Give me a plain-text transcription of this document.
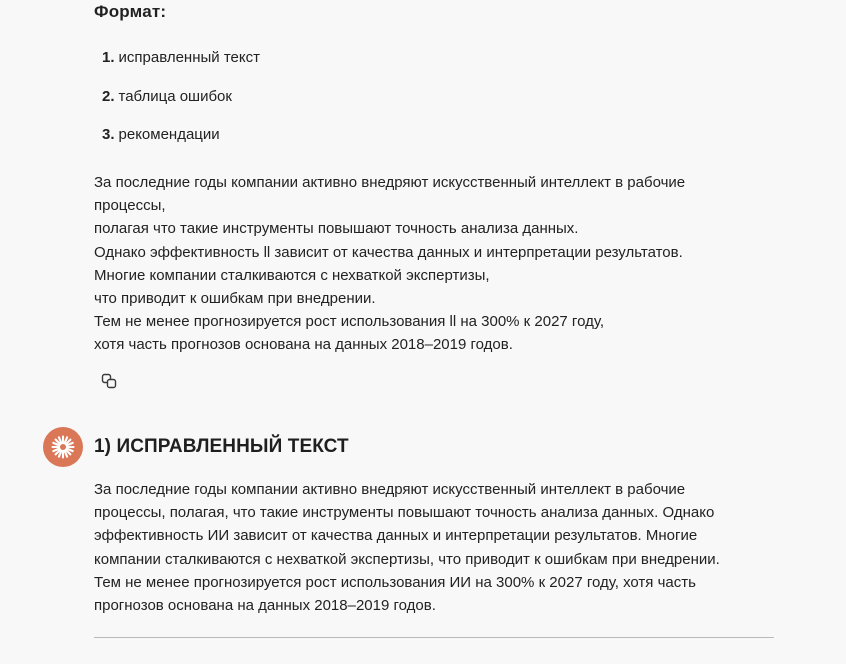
Формат:
1. исправленный текст
2. таблица ошибок
3. рекомендации
За последние годы компании активно внедряют искусственный интеллект в рабочие
процессы,
полагая что такие инструменты повышают точность анализа данных.
Однако эффективность ll зависит от качества данных и интерпретации результатов.
Многие компании сталкиваются с нехваткой экспертизы,
что приводит к ошибкам при внедрении.
Тем не менее прогнозируется рост использования ll на 300% к 2027 году,
хотя часть прогнозов основана на данных 2018–2019 годов.
1) ИСПРАВЛЕННЫЙ ТЕКСТ
За последние годы компании активно внедряют искусственный интеллект в рабочие
процессы, полагая, что такие инструменты повышают точность анализа данных. Однако
эффективность ИИ зависит от качества данных и интерпретации результатов. Многие
компании сталкиваются с нехваткой экспертизы, что приводит к ошибкам при внедрении.
Тем не менее прогнозируется рост использования ИИ на 300% к 2027 году, хотя часть
прогнозов основана на данных 2018–2019 годов.
